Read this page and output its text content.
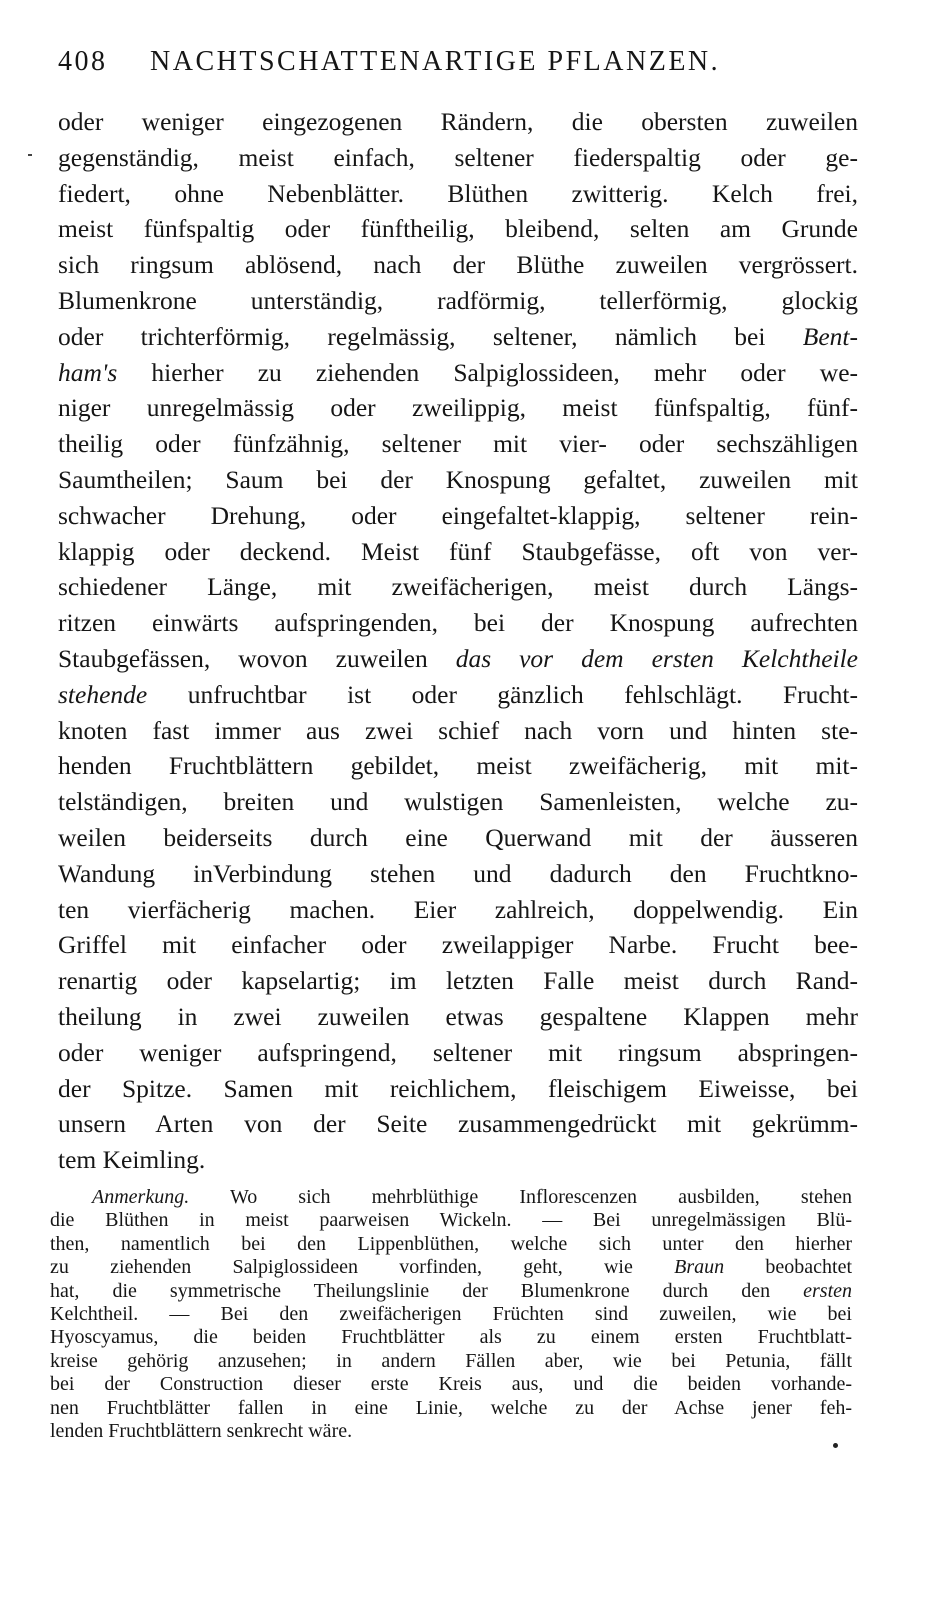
408 NACHTSCHATTENARTIGE PFLANZEN.
oder weniger eingezogenen Rändern, die obersten zuweilen
gegenständig, meist einfach, seltener fiederspaltig oder ge-
fiedert, ohne Nebenblätter. Blüthen zwitterig. Kelch frei,
meist fünfspaltig oder fünftheilig, bleibend, selten am Grunde
sich ringsum ablösend, nach der Blüthe zuweilen vergrössert.
Blumenkrone unterständig, radförmig, tellerförmig, glockig
oder trichterförmig, regelmässig, seltener, nämlich bei Bent-
ham's hierher zu ziehenden Salpiglossideen, mehr oder we-
niger unregelmässig oder zweilippig, meist fünfspaltig, fünf-
theilig oder fünfzähnig, seltener mit vier- oder sechszähligen
Saumtheilen; Saum bei der Knospung gefaltet, zuweilen mit
schwacher Drehung, oder eingefaltet-klappig, seltener rein-
klappig oder deckend. Meist fünf Staubgefässe, oft von ver-
schiedener Länge, mit zweifächerigen, meist durch Längs-
ritzen einwärts aufspringenden, bei der Knospung aufrechten
Staubgefässen, wovon zuweilen das vor dem ersten Kelchtheile
stehende unfruchtbar ist oder gänzlich fehlschlägt. Frucht-
knoten fast immer aus zwei schief nach vorn und hinten ste-
henden Fruchtblättern gebildet, meist zweifächerig, mit mit-
telständigen, breiten und wulstigen Samenleisten, welche zu-
weilen beiderseits durch eine Querwand mit der äusseren
Wandung inVerbindung stehen und dadurch den Fruchtkno-
ten vierfächerig machen. Eier zahlreich, doppelwendig. Ein
Griffel mit einfacher oder zweilappiger Narbe. Frucht bee-
renartig oder kapselartig; im letzten Falle meist durch Rand-
theilung in zwei zuweilen etwas gespaltene Klappen mehr
oder weniger aufspringend, seltener mit ringsum abspringen-
der Spitze. Samen mit reichlichem, fleischigem Eiweisse, bei
unsern Arten von der Seite zusammengedrückt mit gekrümm-
tem Keimling.
Anmerkung. Wo sich mehrblüthige Inflorescenzen ausbilden, stehen
die Blüthen in meist paarweisen Wickeln. — Bei unregelmässigen Blü-
then, namentlich bei den Lippenblüthen, welche sich unter den hierher
zu ziehenden Salpiglossideen vorfinden, geht, wie Braun beobachtet
hat, die symmetrische Theilungslinie der Blumenkrone durch den ersten
Kelchtheil. — Bei den zweifächerigen Früchten sind zuweilen, wie bei
Hyoscyamus, die beiden Fruchtblätter als zu einem ersten Fruchtblatt-
kreise gehörig anzusehen; in andern Fällen aber, wie bei Petunia, fällt
bei der Construction dieser erste Kreis aus, und die beiden vorhande-
nen Fruchtblätter fallen in eine Linie, welche zu der Achse jener feh-
lenden Fruchtblättern senkrecht wäre.
